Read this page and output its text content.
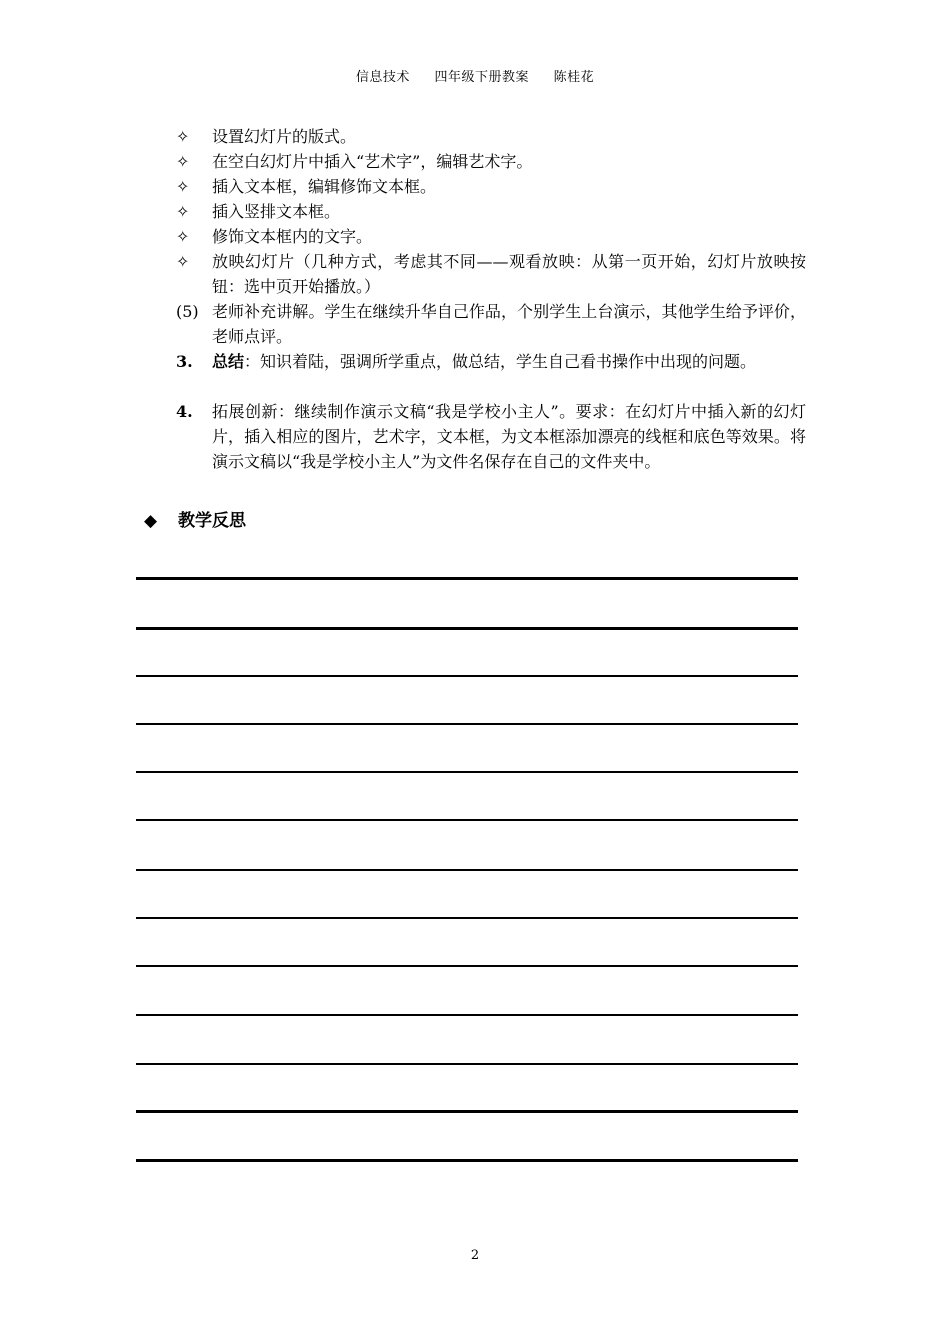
信息技术 四年级下册教案 陈桂花
✧	设置幻灯片的版式。
✧	在空白幻灯片中插入“艺术字”，编辑艺术字。
✧	插入文本框，编辑修饰文本框。
✧	插入竖排文本框。
✧	修饰文本框内的文字。
✧	放映幻灯片（几种方式，考虑其不同——观看放映：从第一页开始，幻灯片放映按钮：选中页开始播放。）
(5) 老师补充讲解。学生在继续升华自己作品，个别学生上台演示，其他学生给予评价，老师点评。
3.	总结：知识着陆，强调所学重点，做总结，学生自己看书操作中出现的问题。
4.	拓展创新：继续制作演示文稿“我是学校小主人”。要求：在幻灯片中插入新的幻灯片，插入相应的图片，艺术字，文本框，为文本框添加漂亮的线框和底色等效果。将演示文稿以“我是学校小主人”为文件名保存在自己的文件夹中。
◆ 教学反思
2
